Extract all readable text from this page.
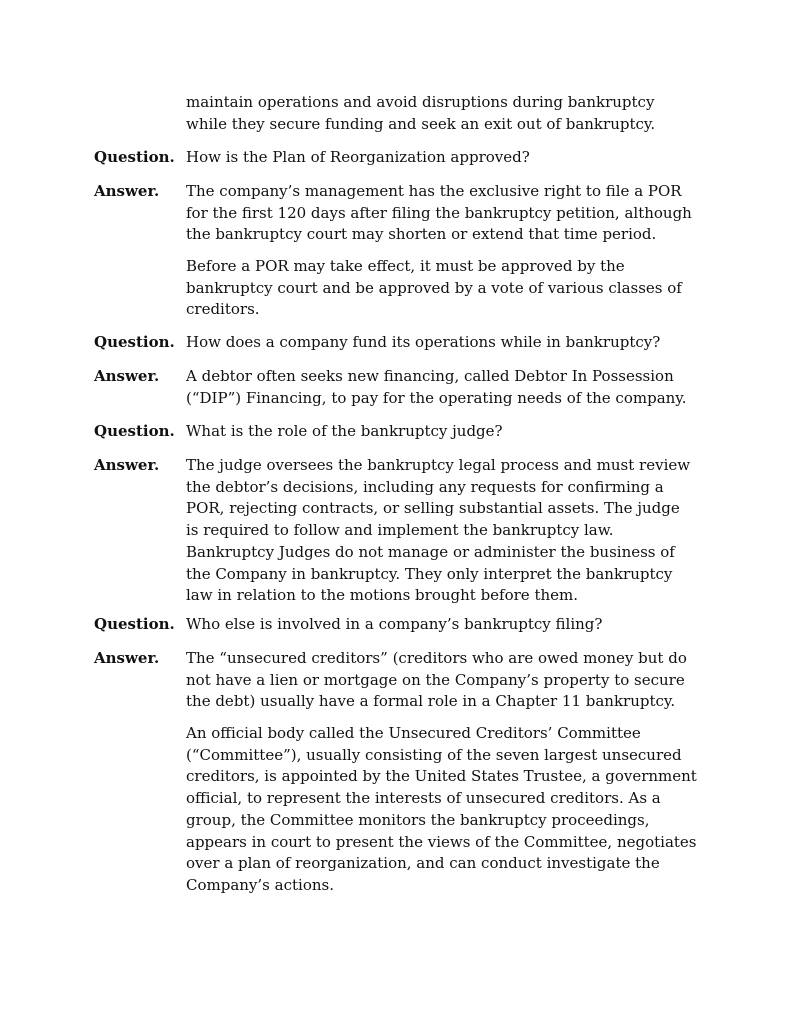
maintain operations and avoid disruptions during bankruptcy
while they secure funding and seek an exit out of bankruptcy.

Question. How is the Plan of Reorganization approved?

Answer. The company’s management has the exclusive right to file a POR
for the first 120 days after filing the bankruptcy petition, although
the bankruptcy court may shorten or extend that time period.

Before a POR may take effect, it must be approved by the
bankruptcy court and be approved by a vote of various classes of
creditors.

Question. How does a company fund its operations while in bankruptcy?

Answer. A debtor often seeks new financing, called Debtor In Possession
(“DIP”) Financing, to pay for the operating needs of the company.

Question. What is the role of the bankruptcy judge?

Answer. The judge oversees the bankruptcy legal process and must review
the debtor’s decisions, including any requests for confirming a
POR, rejecting contracts, or selling substantial assets. The judge
is required to follow and implement the bankruptcy law.
Bankruptcy Judges do not manage or administer the business of
the Company in bankruptcy. They only interpret the bankruptcy
law in relation to the motions brought before them.

Question. Who else is involved in a company’s bankruptcy filing?

Answer. The “unsecured creditors” (creditors who are owed money but do
not have a lien or mortgage on the Company’s property to secure
the debt) usually have a formal role in a Chapter 11 bankruptcy.

An official body called the Unsecured Creditors’ Committee
(“Committee”), usually consisting of the seven largest unsecured
creditors, is appointed by the United States Trustee, a government
official, to represent the interests of unsecured creditors. As a
group, the Committee monitors the bankruptcy proceedings,
appears in court to present the views of the Committee, negotiates
over a plan of reorganization, and can conduct investigate the
Company’s actions.
